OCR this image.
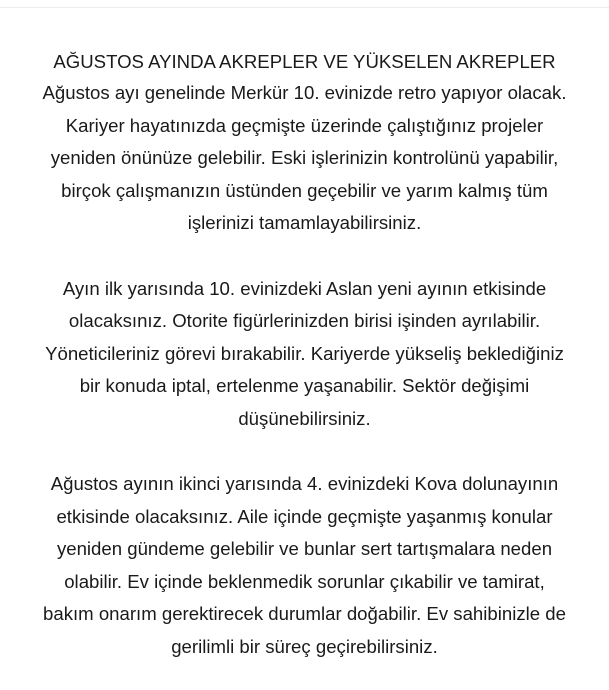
AĞUSTOS AYINDA AKREPLER VE YÜKSELEN AKREPLER

Ağustos ayı genelinde Merkür 10. evinizde retro yapıyor olacak.
Kariyer hayatınızda geçmişte üzerinde çalıştığınız projeler
yeniden önünüze gelebilir. Eski işlerinizin kontrolünü yapabilir,
birçok çalışmanızın üstünden geçebilir ve yarım kalmış tüm
işlerinizi tamamlayabilirsiniz.

Ayın ilk yarısında 10. evinizdeki Aslan yeni ayının etkisinde
olacaksınız. Otorite figürlerinizden birisi işinden ayrılabilir.
Yöneticileriniz görevi bırakabilir. Kariyerde yükseliş beklediğiniz
bir konuda iptal, ertelenme yaşanabilir. Sektör değişimi
düşünebilirsiniz.

Ağustos ayının ikinci yarısında 4. evinizdeki Kova dolunayının
etkisinde olacaksınız. Aile içinde geçmişte yaşanmış konular
yeniden gündeme gelebilir ve bunlar sert tartışmalara neden
olabilir. Ev içinde beklenmedik sorunlar çıkabilir ve tamirat,
bakım onarım gerektirecek durumlar doğabilir. Ev sahibinizle de
gerilimli bir süreç geçirebilirsiniz.
